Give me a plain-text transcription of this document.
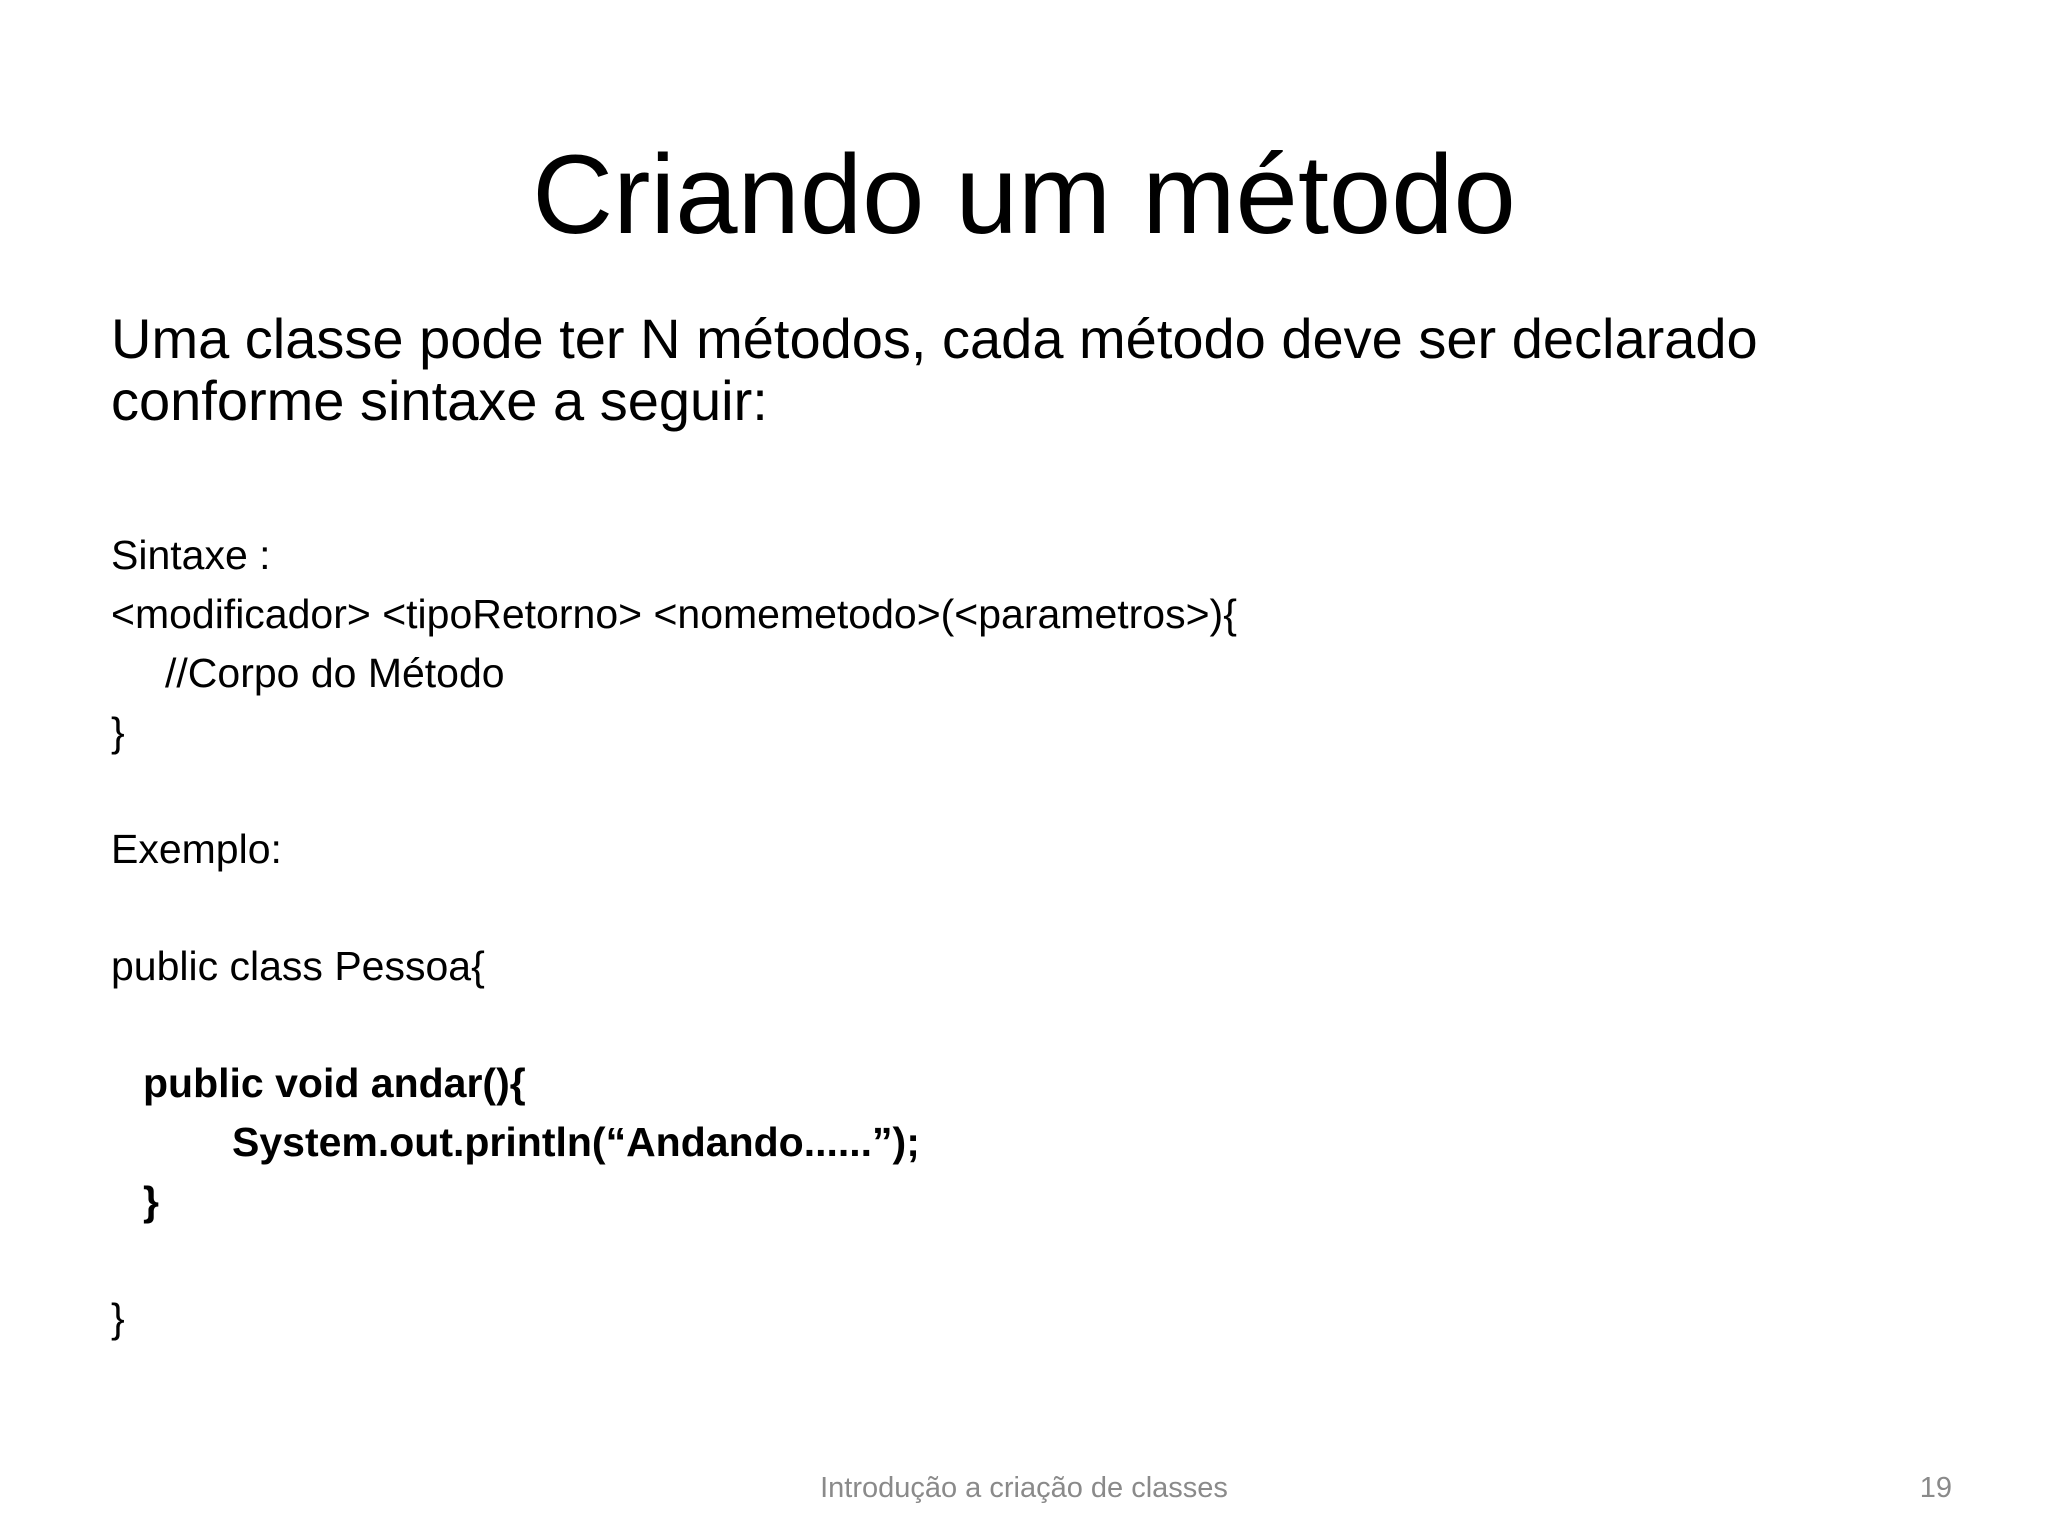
Criando um método
Uma classe pode ter N métodos, cada método deve ser declarado
conforme sintaxe a seguir:
Sintaxe :
<modificador> <tipoRetorno> <nomemetodo>(<parametros>){
//Corpo do Método
}
Exemplo:
public class Pessoa{
public void andar(){
System.out.println(“Andando......”);
}
}
Introdução a criação de classes	19
